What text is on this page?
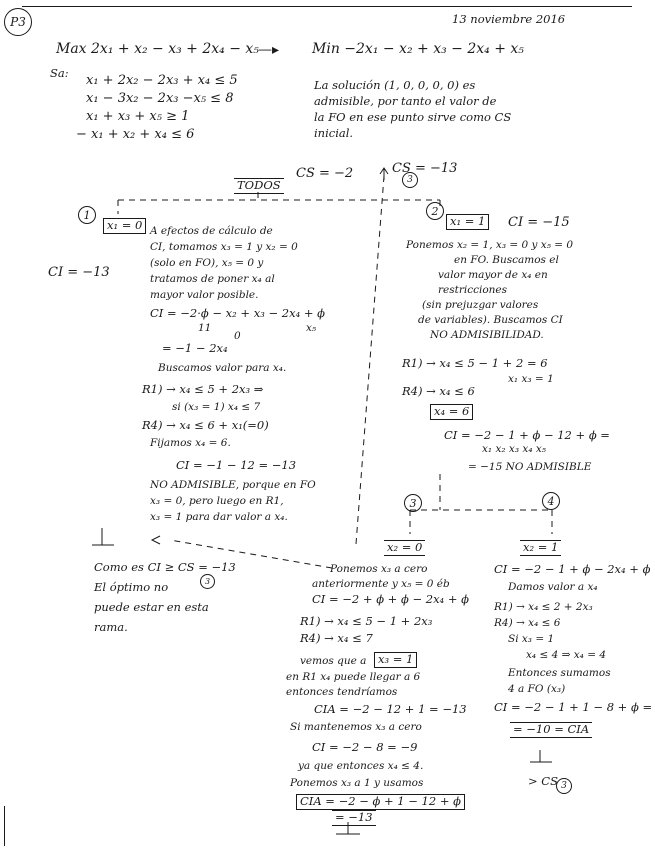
P3	13 noviembre 2016
Max 2x₁ + x₂ − x₃ + 2x₄ − x₅ —▸ Min −2x₁ − x₂ + x₃ − 2x₄ + x₅
Sa: x₁ + 2x₂ − 2x₃ + x₄ ≤ 5
x₁ − 3x₂ − 2x₃ −x₅ ≤ 8
x₁ + x₃ + x₅ ≥ 1
− x₁ + x₂ + x₄ ≤ 6
La solución (1, 0, 0, 0, 0) es
admisible, por tanto el valor de
la FO en ese punto sirve como CS
inicial.
TODOS
CS = −2	CS = −13
3
1
x₁ = 0
CI = −13
A efectos de cálculo de
CI, tomamos x₃ = 1 y x₂ = 0
(solo en FO), x₅ = 0 y
tratamos de poner x₄ al
mayor valor posible.
CI = −2·ϕ − x₂ + x₃ − 2x₄ + ϕ
11
0
x₅
= −1 − 2x₄
Buscamos valor para x₄.
R1) → x₄ ≤ 5 + 2x₃ ⇒
si (x₃ = 1) x₄ ≤ 7
R4) → x₄ ≤ 6 + x₁(=0)
Fijamos x₄ = 6.
CI = −1 − 12 = −13
NO ADMISIBLE, porque en FO
x₃ = 0, pero luego en R1,
x₃ = 1 para dar valor a x₄.
2
x₁ = 1	CI = −15
Ponemos x₂ = 1, x₃ = 0 y x₅ = 0
en FO. Buscamos el
valor mayor de x₄ en
restricciones
(sin prejuzgar valores
de variables). Buscamos CI
NO ADMISIBILIDAD.
R1) → x₄ ≤ 5 − 1 + 2 = 6
x₁ x₃ = 1
R4) → x₄ ≤ 6
x₄ = 6
CI = −2 − 1 + ϕ − 12 + ϕ =
x₁ x₂ x₃ x₄ x₅
= −15 NO ADMISIBLE
3
x₂ = 0
Ponemos x₃ a cero
anteriormente y x₅ = 0 éb
CI = −2 + ϕ + ϕ − 2x₄ + ϕ
R1) → x₄ ≤ 5 − 1 + 2x₃
R4) → x₄ ≤ 7
vemos que a	x₃ = 1
en R1 x₄ puede llegar a 6
entonces tendríamos
CIA = −2 − 12 + 1 = −13
Si mantenemos x₃ a cero
CI = −2 − 8 = −9
ya que entonces x₄ ≤ 4.
Ponemos x₃ a 1 y usamos
CIA = −2 − ϕ + 1 − 12 + ϕ
= −13
4
x₂ = 1
CI = −2 − 1 + ϕ − 2x₄ + ϕ
Damos valor a x₄
R1) → x₄ ≤ 2 + 2x₃
R4) → x₄ ≤ 6
Si x₃ = 1
x₄ ≤ 4 ⇒ x₄ = 4
Entonces sumamos
4 a FO (x₃)
CI = −2 − 1 + 1 − 8 + ϕ =
= −10 = CIA
> CS 3
Como es CI ≥ CS = −13
3
El óptimo no
puede estar en esta
rama.
